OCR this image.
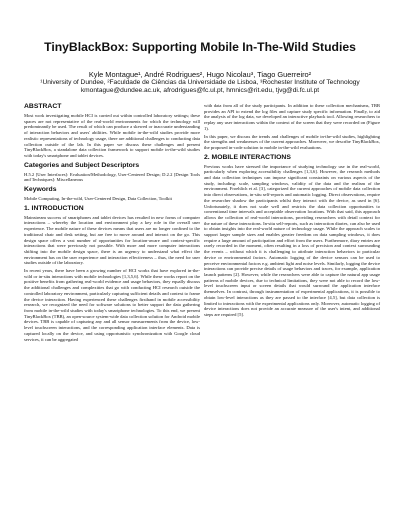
TinyBlackBox: Supporting Mobile In-The-Wild Studies
Kyle Montague¹, André Rodrigues², Hugo Nicolau³, Tiago Guerreiro²
¹University of Dundee, ²Faculdade de Ciências da Universidade de Lisboa, ³Rochester Institute of Technology
kmontague@dundee.ac.uk, afrodrigues@fc.ul.pt, hmnics@rit.edu, tjvg@di.fc.ul.pt
ABSTRACT

Most work investigating mobile HCI is carried out within controlled laboratory settings; these spaces are not representative of the real-world environments for which the technology will predominantly be used. The result of which can produce a skewed or inaccurate understanding of interaction behaviors and users' abilities. While mobile in-the-wild studies provide more realistic representations of technology usage, there are additional challenges to conducting data collection outside of the lab. In this paper we discuss these challenges and present TinyBlackBox, a standalone data collection framework to support mobile in-the-wild studies with today's smartphone and tablet devices.

Categories and Subject Descriptors

H.5.2 [User Interfaces]: Evaluation/Methodology, User-Centered Design; D.2.2 [Design Tools and Techniques]: Miscellaneous

Keywords

Mobile Computing, In-the-wild, User-Centered Design, Data Collection, Toolkit

1. INTRODUCTION

Mainstream success of smartphones and tablet devices has resulted in new forms of computer interactions – whereby the location and environment play a key role in the overall user experience. The mobile nature of these devices means that users are no longer confined to the traditional chair and desk setting, but are free to move around and interact on the go. This design space offers a vast number of opportunities for location-aware and context-specific interactions that were previously not possible. With more and more computer interactions shifting into the mobile design space, there is an urgency to understand what effect the environment has on the user experience and interaction effectiveness – thus, the need for user studies outside of the laboratory.

In recent years, there have been a growing number of HCI works that have explored in-the-wild or in-situ interactions with mobile technologies [1,3,5,6]. While these works report on the positive benefits from gathering real-world evidence and usage behaviors, they equally discuss the additional challenges and complexities that go with conducting HCI research outside the controlled laboratory environment, particularly capturing sufficient details and context to frame the device interaction. Having experienced these challenges firsthand in mobile accessibility research, we recognized the need for software solutions to better support the data gathering from mobile in-the-wild studies with today's smartphone technologies. To this end, we present TinyBlackBox (TBB), an open-source system-wide data collection solution for Android mobile devices. TBB is capable of capturing any and all sensor measurements from the device, low-level touchscreen interactions, and the corresponding application interface elements. Data is captured locally on the device, and using opportunistic synchronization with Google cloud services, it can be aggregated

with data from all of the study participants. In addition to these collection mechanisms, TBB provides an API to extend the log files and capture study specific information. Finally, to aid the analysis of the log data, we developed an interactive playback tool. Allowing researchers to replay any user interactions within the context of the screen that they were recorded on (Figure 1).

In this paper, we discuss the trends and challenges of mobile in-the-wild studies, highlighting the strengths and weaknesses of the current approaches. Moreover, we describe TinyBlackBox, the proposed in-code solution to mobile in-the-wild evaluations.

2. MOBILE INTERACTIONS

Previous works have stressed the importance of studying technology use in the real-world, particularly when exploring accessibility challenges [1,3,6]. However, the research methods and data collection techniques can impose significant constraints on various aspects of the study, including: scale, sampling windows, validity of the data and the realism of the environment. Froehlich et al. [3], categorized the current approaches of mobile data collection into direct observations, in-situ self-reports and automatic logging. Direct observations, require the researcher shadow the participants whilst they interact with the device, as used in [6]. Unfortunately, it does not scale well and restricts the data collection opportunities to conventional time intervals and acceptable observation locations. With that said, this approach allows the collection of real-world interactions, providing researchers with detail context for the nature of these interactions. In-situ self-reports, such as interaction diaries, can also be used to obtain insights into the real-world nature of technology usage. While the approach scales to support larger sample sizes and enables greater freedom on data sampling windows, it does require a large amount of participation and effort from the users. Furthermore, diary entries are rarely recorded in the moment, often resulting in a loss of precision and context surrounding the events – without which it is challenging to attribute interaction behaviors to particular device or environmental factors. Automatic logging of the device sensors can be used to perceive environmental factors e.g. ambient light and noise levels. Similarly, logging the device interactions can provide precise details of usage behaviors and traces, for example, application launch patterns [2]. However, while the researchers were able to capture the natural app usage patterns of mobile devices, due to technical limitations, they were not able to record the low-level touchscreen input or screen details that would surround the application interface themselves. In contrast, through instrumentation of experimental applications, it is possible to obtain low-level interactions as they are passed to the interface [4,5], but data collection is limited to interactions with the experimental applications only. Moreover, automatic logging of device interactions does not provide an accurate measure of the user's intent, and additional steps are required [5].
